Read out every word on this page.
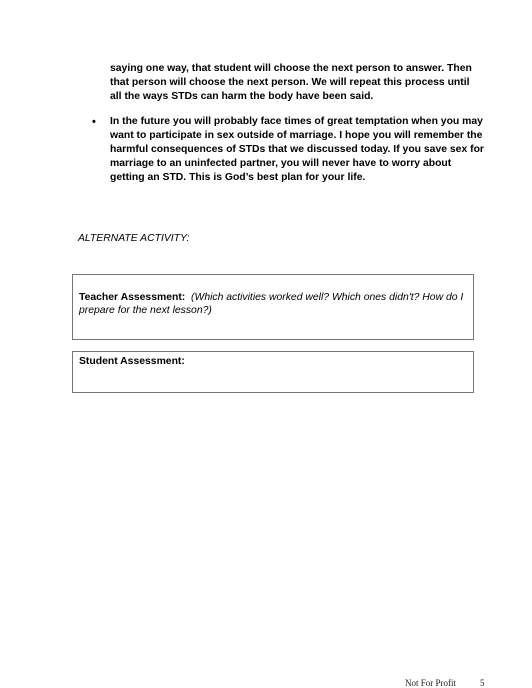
saying one way, that student will choose the next person to answer. Then that person will choose the next person. We will repeat this process until all the ways STDs can harm the body have been said.
• In the future you will probably face times of great temptation when you may want to participate in sex outside of marriage. I hope you will remember the harmful consequences of STDs that we discussed today. If you save sex for marriage to an uninfected partner, you will never have to worry about getting an STD. This is God’s best plan for your life.
ALTERNATE ACTIVITY:
Teacher Assessment: (Which activities worked well? Which ones didn't? How do I prepare for the next lesson?)
Student Assessment:
Not For Profit	5
